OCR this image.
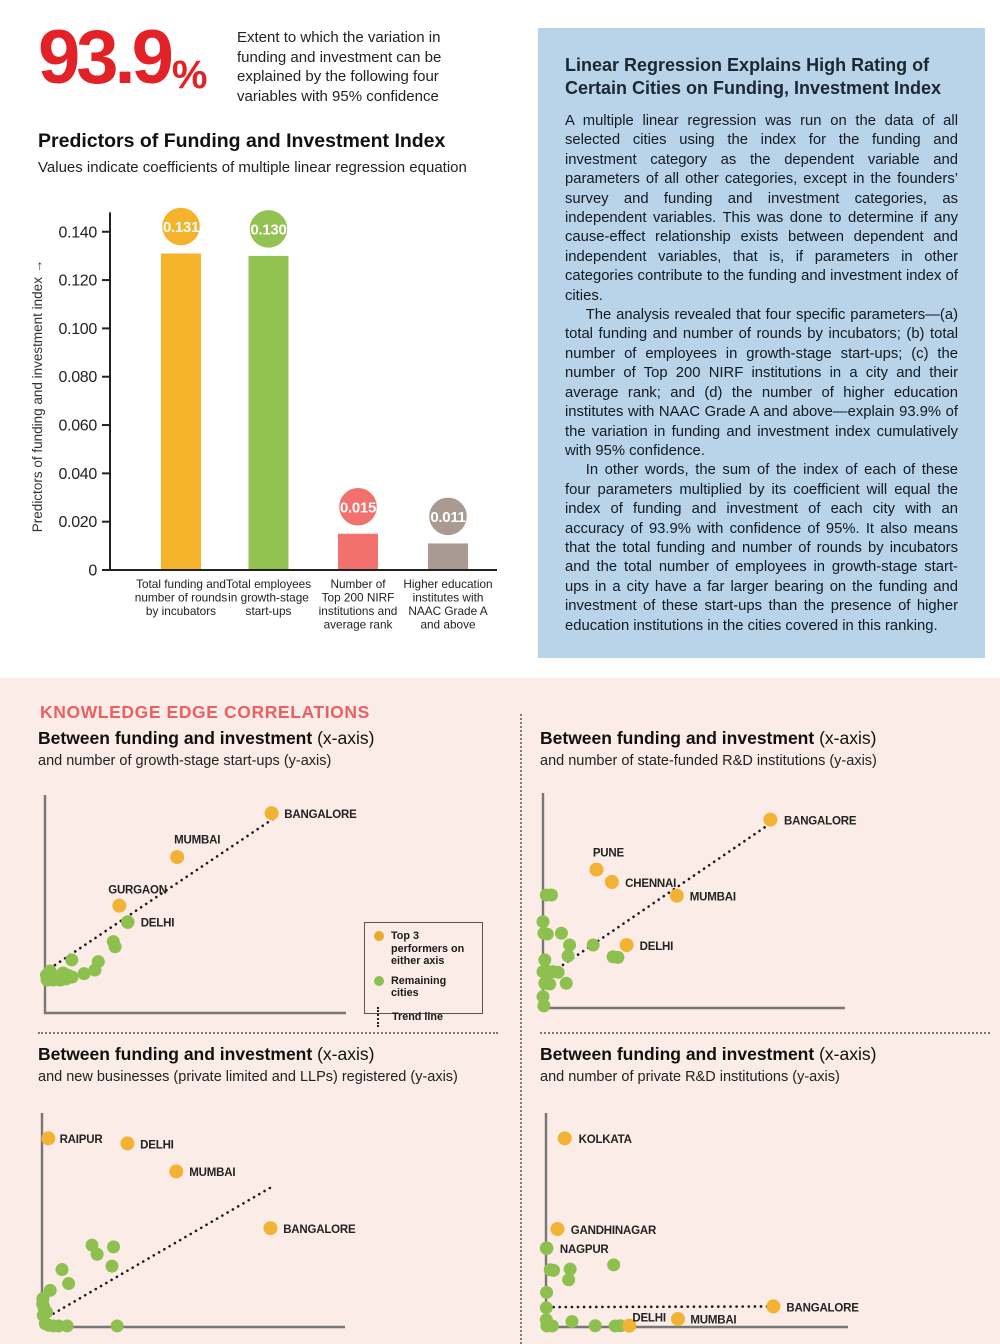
93.9 %
Extent to which the variation in funding and investment can be explained by the following four variables with 95% confidence
Predictors of Funding and Investment Index
Values indicate coefficients of multiple linear regression equation
0
0.020
0.040
0.060
0.080
0.100
0.120
0.140
Predictors of funding and investment index →
0.131
Total funding and
number of rounds
by incubators
0.130
Total employees
in growth-stage
start-ups
0.015
Number of
Top 200 NIRF
institutions and
average rank
0.011
Higher education
institutes with
NAAC Grade A
and above
Linear Regression Explains High Rating of Certain Cities on Funding, Investment Index

A multiple linear regression was run on the data of all selected cities using the index for the funding and investment category as the dependent variable and parameters of all other categories, except in the founders’ survey and funding and investment categories, as independent variables. This was done to determine if any cause-effect relationship exists between dependent and independent variables, that is, if parameters in other categories contribute to the funding and investment index of cities.

The analysis revealed that four specific parameters—(a) total funding and number of rounds by incubators; (b) total number of employees in growth-stage start-ups; (c) the number of Top 200 NIRF institutions in a city and their average rank; and (d) the number of higher education institutes with NAAC Grade A and above—explain 93.9% of the variation in funding and investment index cumulatively with 95% confidence.

In other words, the sum of the index of each of these four parameters multiplied by its coefficient will equal the index of funding and investment of each city with an accuracy of 93.9% with confidence of 95%. It also means that the total funding and number of rounds by incubators and the total number of employees in growth-stage start-ups in a city have a far larger bearing on the funding and investment of these start-ups than the presence of higher education institutions in the cities covered in this ranking.

KNOWLEDGE EDGE CORRELATIONS
Between funding and investment (x-axis)
and number of growth-stage start-ups (y-axis)
Between funding and investment (x-axis)
and number of state-funded R&D institutions (y-axis)
Between funding and investment (x-axis)
and new businesses (private limited and LLPs) registered (y-axis)
Between funding and investment (x-axis)
and number of private R&D institutions (y-axis)
DELHI
BANGALORE
MUMBAI
GURGAON
BANGALORE
PUNE
CHENNAI
MUMBAI
DELHI
RAIPUR	DELHI
MUMBAI
BANGALORE
NAGPUR
KOLKATA
GANDHINAGAR
BANGALORE
MUMBAI
DELHI
Top 3 performers on either axis
Remaining cities
Trend line
